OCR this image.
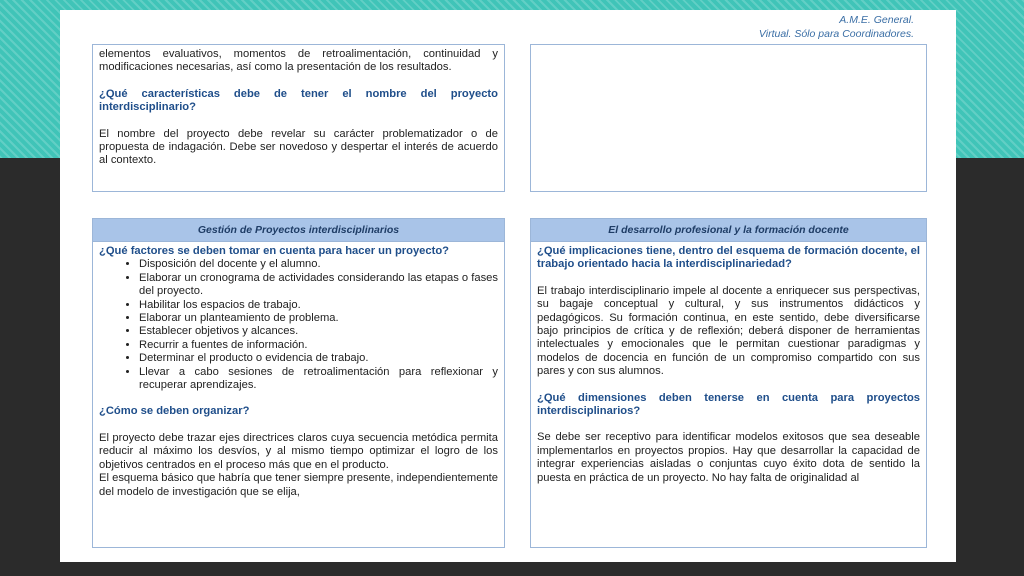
A.M.E. General.
Virtual. Sólo para Coordinadores.

elementos evaluativos, momentos de retroalimentación, continuidad y modificaciones necesarias, así como la presentación de los resultados.

¿Qué características debe de tener el nombre del proyecto interdisciplinario?

El nombre del proyecto debe revelar su carácter problematizador o de propuesta de indagación. Debe ser novedoso y despertar el interés de acuerdo al contexto.

Gestión de Proyectos interdisciplinarios

¿Qué factores se deben tomar en cuenta para hacer un proyecto?

• Disposición del docente y el alumno.
• Elaborar un cronograma de actividades considerando las etapas o fases del proyecto.
• Habilitar los espacios de trabajo.
• Elaborar un planteamiento de problema.
• Establecer objetivos y alcances.
• Recurrir a fuentes de información.
• Determinar el producto o evidencia de trabajo.
• Llevar a cabo sesiones de retroalimentación para reflexionar y recuperar aprendizajes.

¿Cómo se deben organizar?

El proyecto debe trazar ejes directrices claros cuya secuencia metódica permita reducir al máximo los desvíos, y al mismo tiempo optimizar el logro de los objetivos centrados en el proceso más que en el producto.

El esquema básico que habría que tener siempre presente, independientemente del modelo de investigación que se elija,

El desarrollo profesional y la formación docente

¿Qué implicaciones tiene, dentro del esquema de formación docente, el trabajo orientado hacia la interdisciplinariedad?

El trabajo interdisciplinario impele al docente a enriquecer sus perspectivas, su bagaje conceptual y cultural, y sus instrumentos didácticos y pedagógicos. Su formación continua, en este sentido, debe diversificarse bajo principios de crítica y de reflexión; deberá disponer de herramientas intelectuales y emocionales que le permitan cuestionar paradigmas y modelos de docencia en función de un compromiso compartido con sus pares y con sus alumnos.

¿Qué dimensiones deben tenerse en cuenta para proyectos interdisciplinarios?

Se debe ser receptivo para identificar modelos exitosos que sea deseable implementarlos en proyectos propios. Hay que desarrollar la capacidad de integrar experiencias aisladas o conjuntas cuyo éxito dota de sentido la puesta en práctica de un proyecto. No hay falta de originalidad al
